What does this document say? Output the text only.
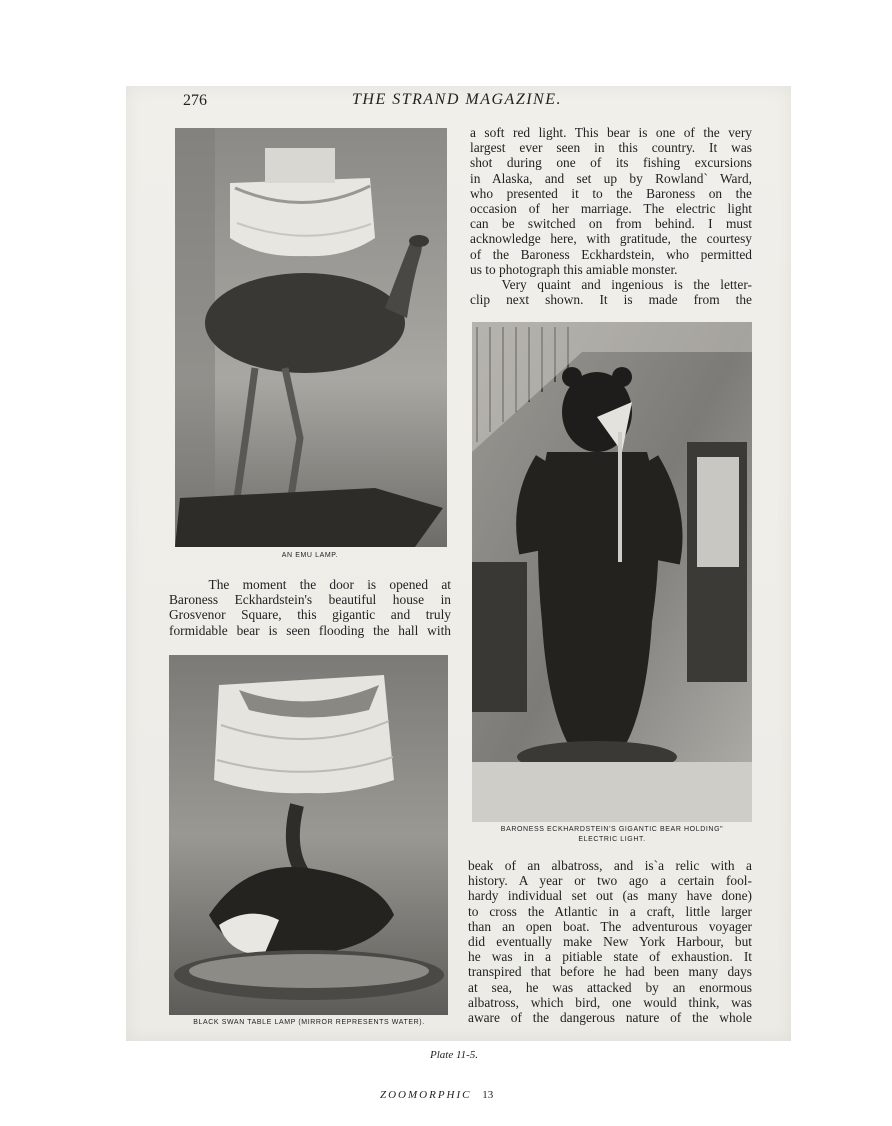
276	THE STRAND MAGAZINE.
AN EMU LAMP.
a soft red light. This bear is one of the very
largest ever seen in this country. It was
shot during one of its fishing excursions
in Alaska, and set up by Rowland` Ward,
who presented it to the Baroness on the
occasion of her marriage. The electric light
can be switched on from behind. I must
acknowledge here, with gratitude, the courtesy
of the Baroness Eckhardstein, who permitted
us to photograph this amiable monster.
Very quaint and ingenious is the letter-
clip next shown. It is made from the
BARONESS ECKHARDSTEIN'S GIGANTIC BEAR HOLDING"
ELECTRIC LIGHT.
The moment the door is opened at
Baroness Eckhardstein's beautiful house in
Grosvenor Square, this gigantic and truly
formidable bear is seen flooding the hall with
BLACK SWAN TABLE LAMP (MIRROR REPRESENTS WATER).
beak of an albatross, and is`a relic with a
history. A year or two ago a certain fool-
hardy individual set out (as many have done)
to cross the Atlantic in a craft, little larger
than an open boat. The adventurous voyager
did eventually make New York Harbour, but
he was in a pitiable state of exhaustion. It
transpired that before he had been many days
at sea, he was attacked by an enormous
albatross, which bird, one would think, was
aware of the dangerous nature of the whole
Plate 11-5.
ZOOMORPHIC 13
